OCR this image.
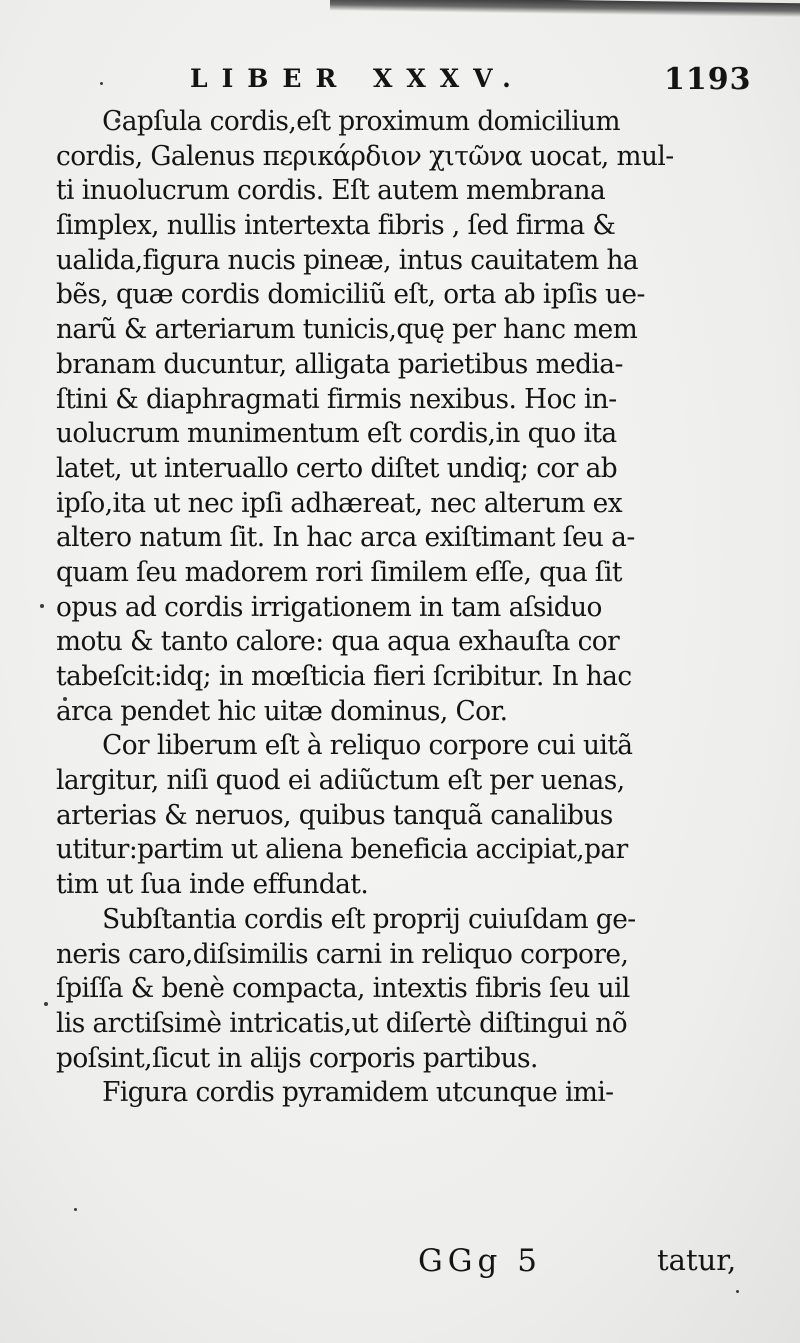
LIBER XXXV.	1193
Capſula cordis,eſt proximum domicilium
cordis, Galenus περικάρδιον χιτῶνα uocat, mul-
ti inuolucrum cordis. Eſt autem membrana
ſimplex, nullis intertexta fibris , ſed firma &
ualida,figura nucis pineæ, intus cauitatem ha
bẽs, quæ cordis domiciliũ eſt, orta ab ipſis ue-
narũ & arteriarum tunicis,quę per hanc mem
branam ducuntur, alligata parietibus media-
ſtini & diaphragmati firmis nexibus. Hoc in-
uolucrum munimentum eſt cordis,in quo ita
latet, ut interuallo certo diſtet undiq; cor ab
ipſo,ita ut nec ipſi adhæreat, nec alterum ex
altero natum ſit. In hac arca exiſtimant ſeu a-
quam ſeu madorem rori ſimilem eſſe, qua ſit
opus ad cordis irrigationem in tam aſsiduo
motu & tanto calore: qua aqua exhauſta cor
tabeſcit:idq; in mœſticia fieri ſcribitur. In hac
arca pendet hic uitæ dominus, Cor.
Cor liberum eſt à reliquo corpore cui uitã
largitur, niſi quod ei adiũctum eſt per uenas,
arterias & neruos, quibus tanquã canalibus
utitur:partim ut aliena beneficia accipiat,par
tim ut ſua inde effundat.
Subſtantia cordis eſt proprij cuiuſdam ge-
neris caro,diſsimilis carni in reliquo corpore,
ſpiſſa & benè compacta, intextis fibris ſeu uil
lis arctiſsimè intricatis,ut diſertè diſtingui nõ
poſsint,ſicut in alijs corporis partibus.
Figura cordis pyramidem utcunque imi-
GGg 5	tatur,
